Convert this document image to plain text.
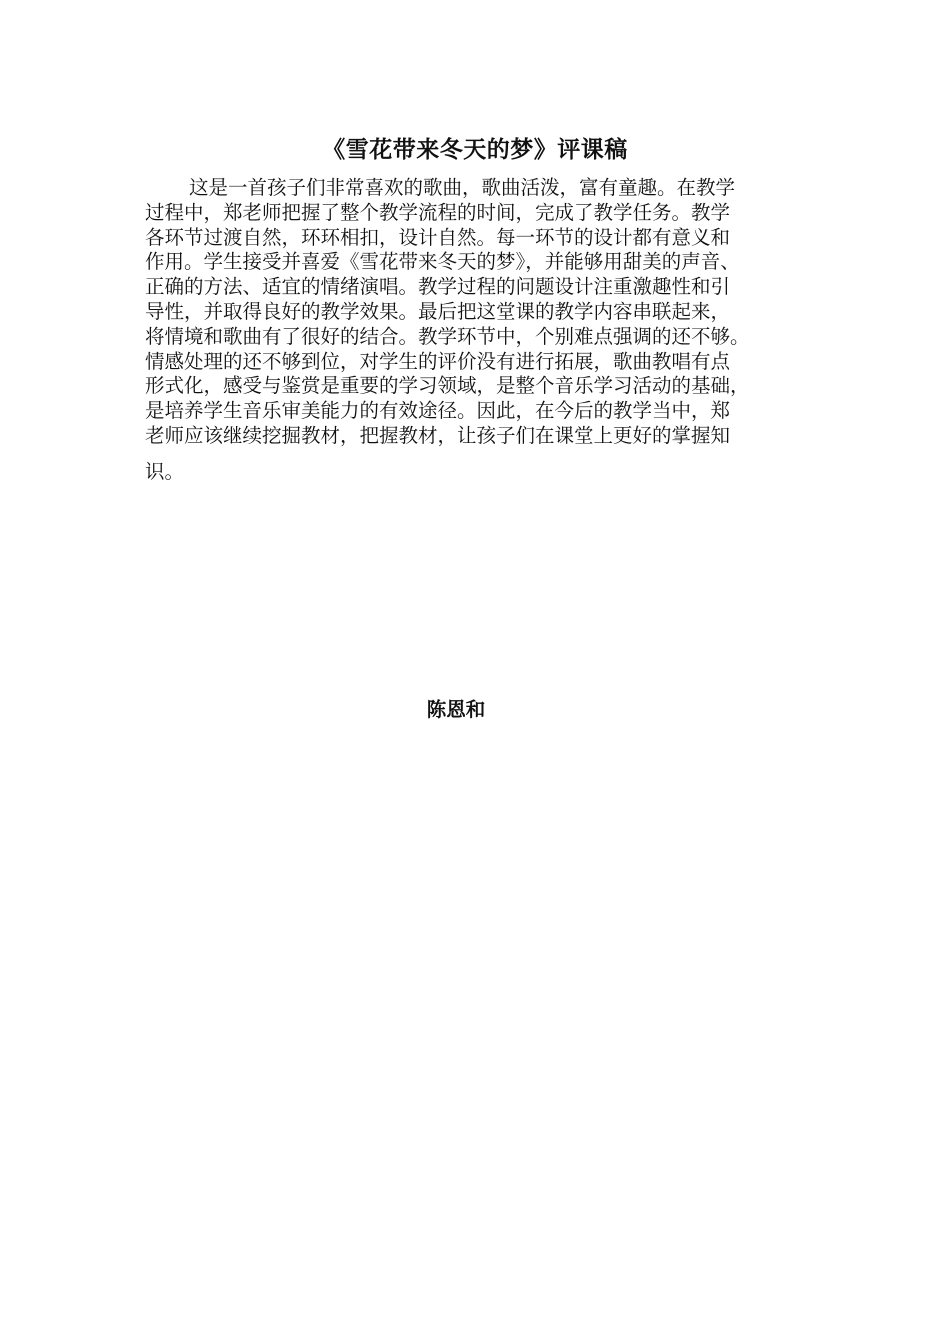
《雪花带来冬天的梦》评课稿
这是一首孩子们非常喜欢的歌曲，歌曲活泼，富有童趣。在教学
过程中，郑老师把握了整个教学流程的时间，完成了教学任务。教学
各环节过渡自然，环环相扣，设计自然。每一环节的设计都有意义和
作用。学生接受并喜爱《雪花带来冬天的梦》，并能够用甜美的声音、
正确的方法、适宜的情绪演唱。教学过程的问题设计注重激趣性和引
导性，并取得良好的教学效果。最后把这堂课的教学内容串联起来，
将情境和歌曲有了很好的结合。教学环节中，个别难点强调的还不够。
情感处理的还不够到位，对学生的评价没有进行拓展，歌曲教唱有点
形式化，感受与鉴赏是重要的学习领域，是整个音乐学习活动的基础，
是培养学生音乐审美能力的有效途径。因此，在今后的教学当中，郑
老师应该继续挖掘教材，把握教材，让孩子们在课堂上更好的掌握知
识。
陈恩和
